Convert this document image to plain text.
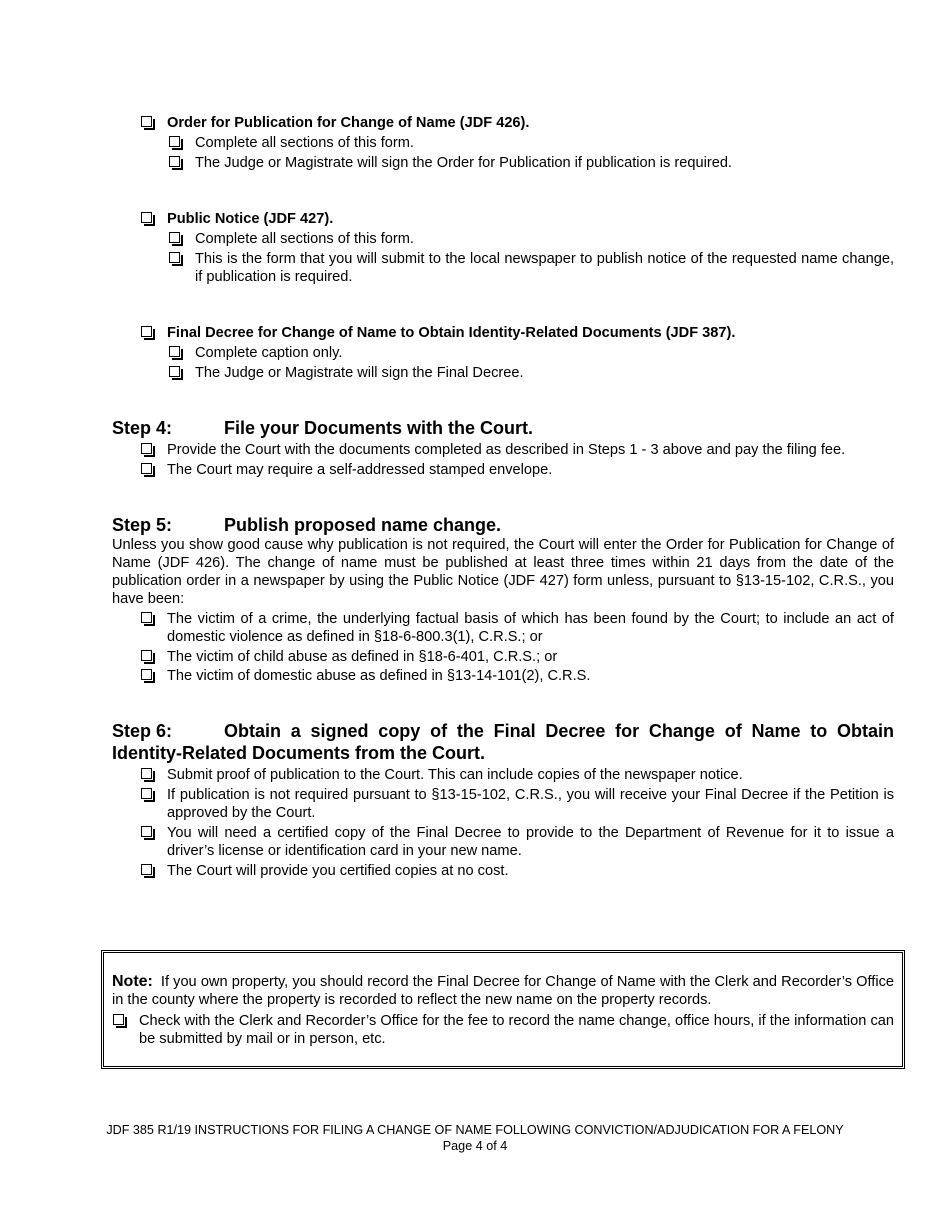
Order for Publication for Change of Name (JDF 426).
Complete all sections of this form.
The Judge or Magistrate will sign the Order for Publication if publication is required.
Public Notice (JDF 427).
Complete all sections of this form.
This is the form that you will submit to the local newspaper to publish notice of the requested name change, if publication is required.
Final Decree for Change of Name to Obtain Identity-Related Documents (JDF 387).
Complete caption only.
The Judge or Magistrate will sign the Final Decree.
Step 4:	File your Documents with the Court.
Provide the Court with the documents completed as described in Steps 1 - 3 above and pay the filing fee.
The Court may require a self-addressed stamped envelope.
Step 5:	Publish proposed name change.
Unless you show good cause why publication is not required, the Court will enter the Order for Publication for Change of Name (JDF 426). The change of name must be published at least three times within 21 days from the date of the publication order in a newspaper by using the Public Notice (JDF 427) form unless, pursuant to §13-15-102, C.R.S., you have been:
The victim of a crime, the underlying factual basis of which has been found by the Court; to include an act of domestic violence as defined in §18-6-800.3(1), C.R.S.; or
The victim of child abuse as defined in §18-6-401, C.R.S.; or
The victim of domestic abuse as defined in §13-14-101(2), C.R.S.
Step 6:	Obtain a signed copy of the Final Decree for Change of Name to Obtain Identity-Related Documents from the Court.
Submit proof of publication to the Court. This can include copies of the newspaper notice.
If publication is not required pursuant to §13-15-102, C.R.S., you will receive your Final Decree if the Petition is approved by the Court.
You will need a certified copy of the Final Decree to provide to the Department of Revenue for it to issue a driver’s license or identification card in your new name.
The Court will provide you certified copies at no cost.
Note: If you own property, you should record the Final Decree for Change of Name with the Clerk and Recorder’s Office in the county where the property is recorded to reflect the new name on the property records.
Check with the Clerk and Recorder’s Office for the fee to record the name change, office hours, if the information can be submitted by mail or in person, etc.
JDF 385 R1/19 INSTRUCTIONS FOR FILING A CHANGE OF NAME FOLLOWING CONVICTION/ADJUDICATION FOR A FELONY
Page 4 of 4
